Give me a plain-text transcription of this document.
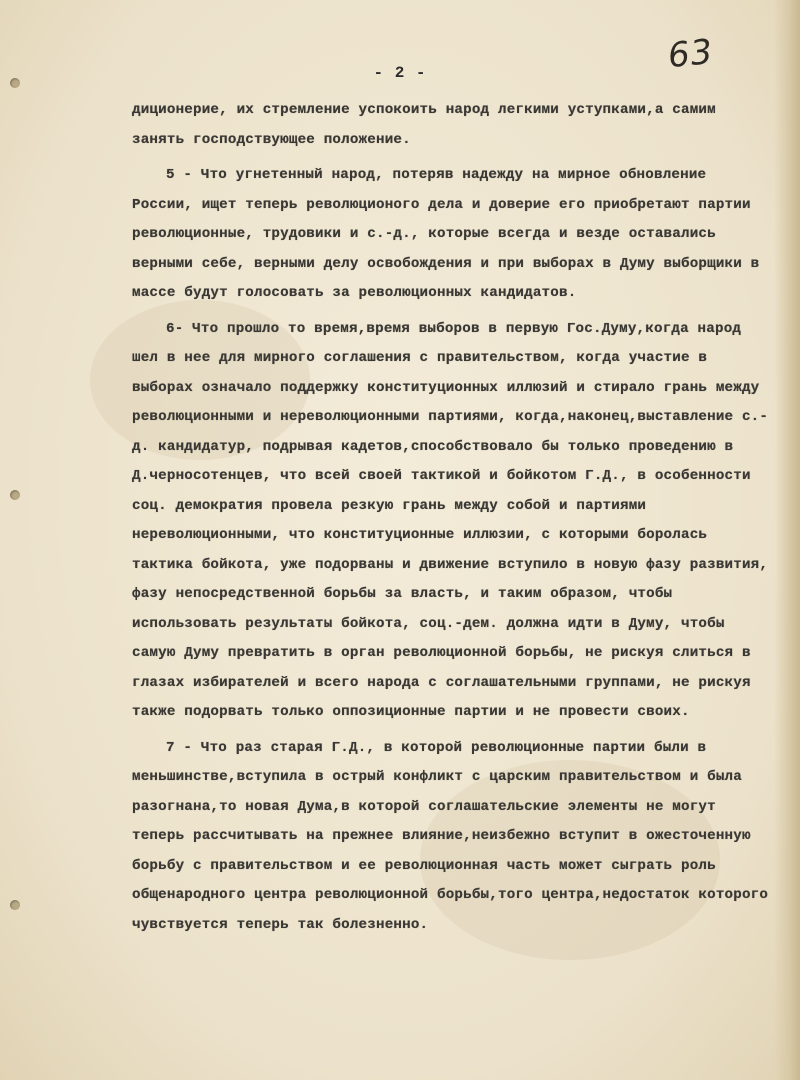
63
- 2 -

диционерие, их стремление успокоить народ легкими уступками,а самим занять господствующее положение.

5 - Что угнетенный народ, потеряв надежду на мирное обновление России, ищет теперь революционого дела и доверие его приобретают партии революционные, трудовики и с.-д., которые всегда и везде оставались верными себе, верными делу освобождения и при выборах в Думу выборщики в массе будут голосовать за революционных кандидатов.

6- Что прошло то время,время выборов в первую Гос.Думу,когда народ шел в нее для мирного соглашения с правительством, когда участие в выборах означало поддержку конституционных иллюзий и стирало грань между революционными и нереволюционными партиями, когда,наконец,выставление с.-д. кандидатур, подрывая кадетов,способствовало бы только проведению в Д.черносотенцев, что всей своей тактикой и бойкотом Г.Д., в особенности соц. демократия провела резкую грань между собой и партиями нереволюционными, что конституционные иллюзии, с которыми боролась тактика бойкота, уже подорваны и движение вступило в новую фазу развития, фазу непосредственной борьбы за власть, и таким образом, чтобы использовать результаты бойкота, соц.-дем. должна идти в Думу, чтобы самую Думу превратить в орган революционной борьбы, не рискуя слиться в глазах избирателей и всего народа с соглашательными группами, не рискуя также подорвать только оппозиционные партии и не провести своих.

7 - Что раз старая Г.Д., в которой революционные партии были в меньшинстве,вступила в острый конфликт с царским правительством и была разогнана,то новая Дума,в которой соглашательские элементы не могут теперь рассчитывать на прежнее влияние,неизбежно вступит в ожесточенную борьбу с правительством и ее революционная часть может сыграть роль общенародного центра революционной борьбы,того центра,недостаток которого чувствуется теперь так болезненно.
